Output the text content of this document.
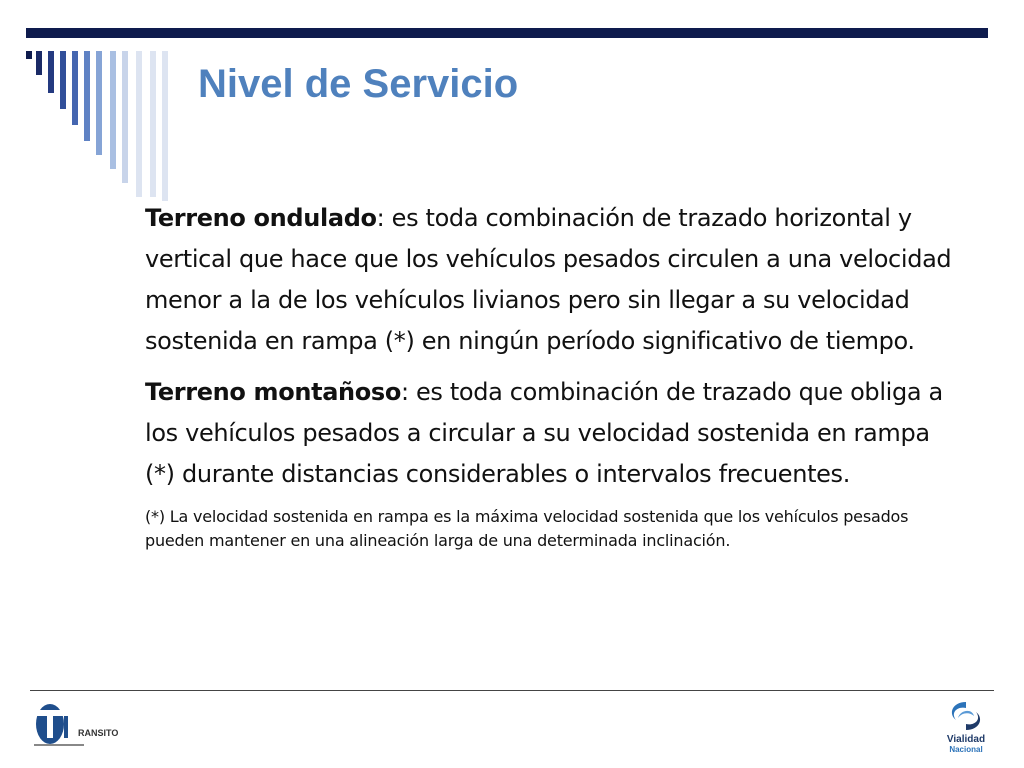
Nivel de Servicio

Terreno ondulado: es toda combinación de trazado horizontal y vertical que hace que los vehículos pesados circulen a una velocidad menor a la de los vehículos livianos pero sin llegar a su velocidad sostenida en rampa (*) en ningún período significativo de tiempo.

Terreno montañoso: es toda combinación de trazado que obliga a los vehículos pesados a circular a su velocidad sostenida en rampa (*) durante distancias considerables o intervalos frecuentes.

(*) La velocidad sostenida en rampa es la máxima velocidad sostenida que los vehículos pesados pueden mantener en una alineación larga de una determinada inclinación.

RANSITO
Vialidad
Nacional
